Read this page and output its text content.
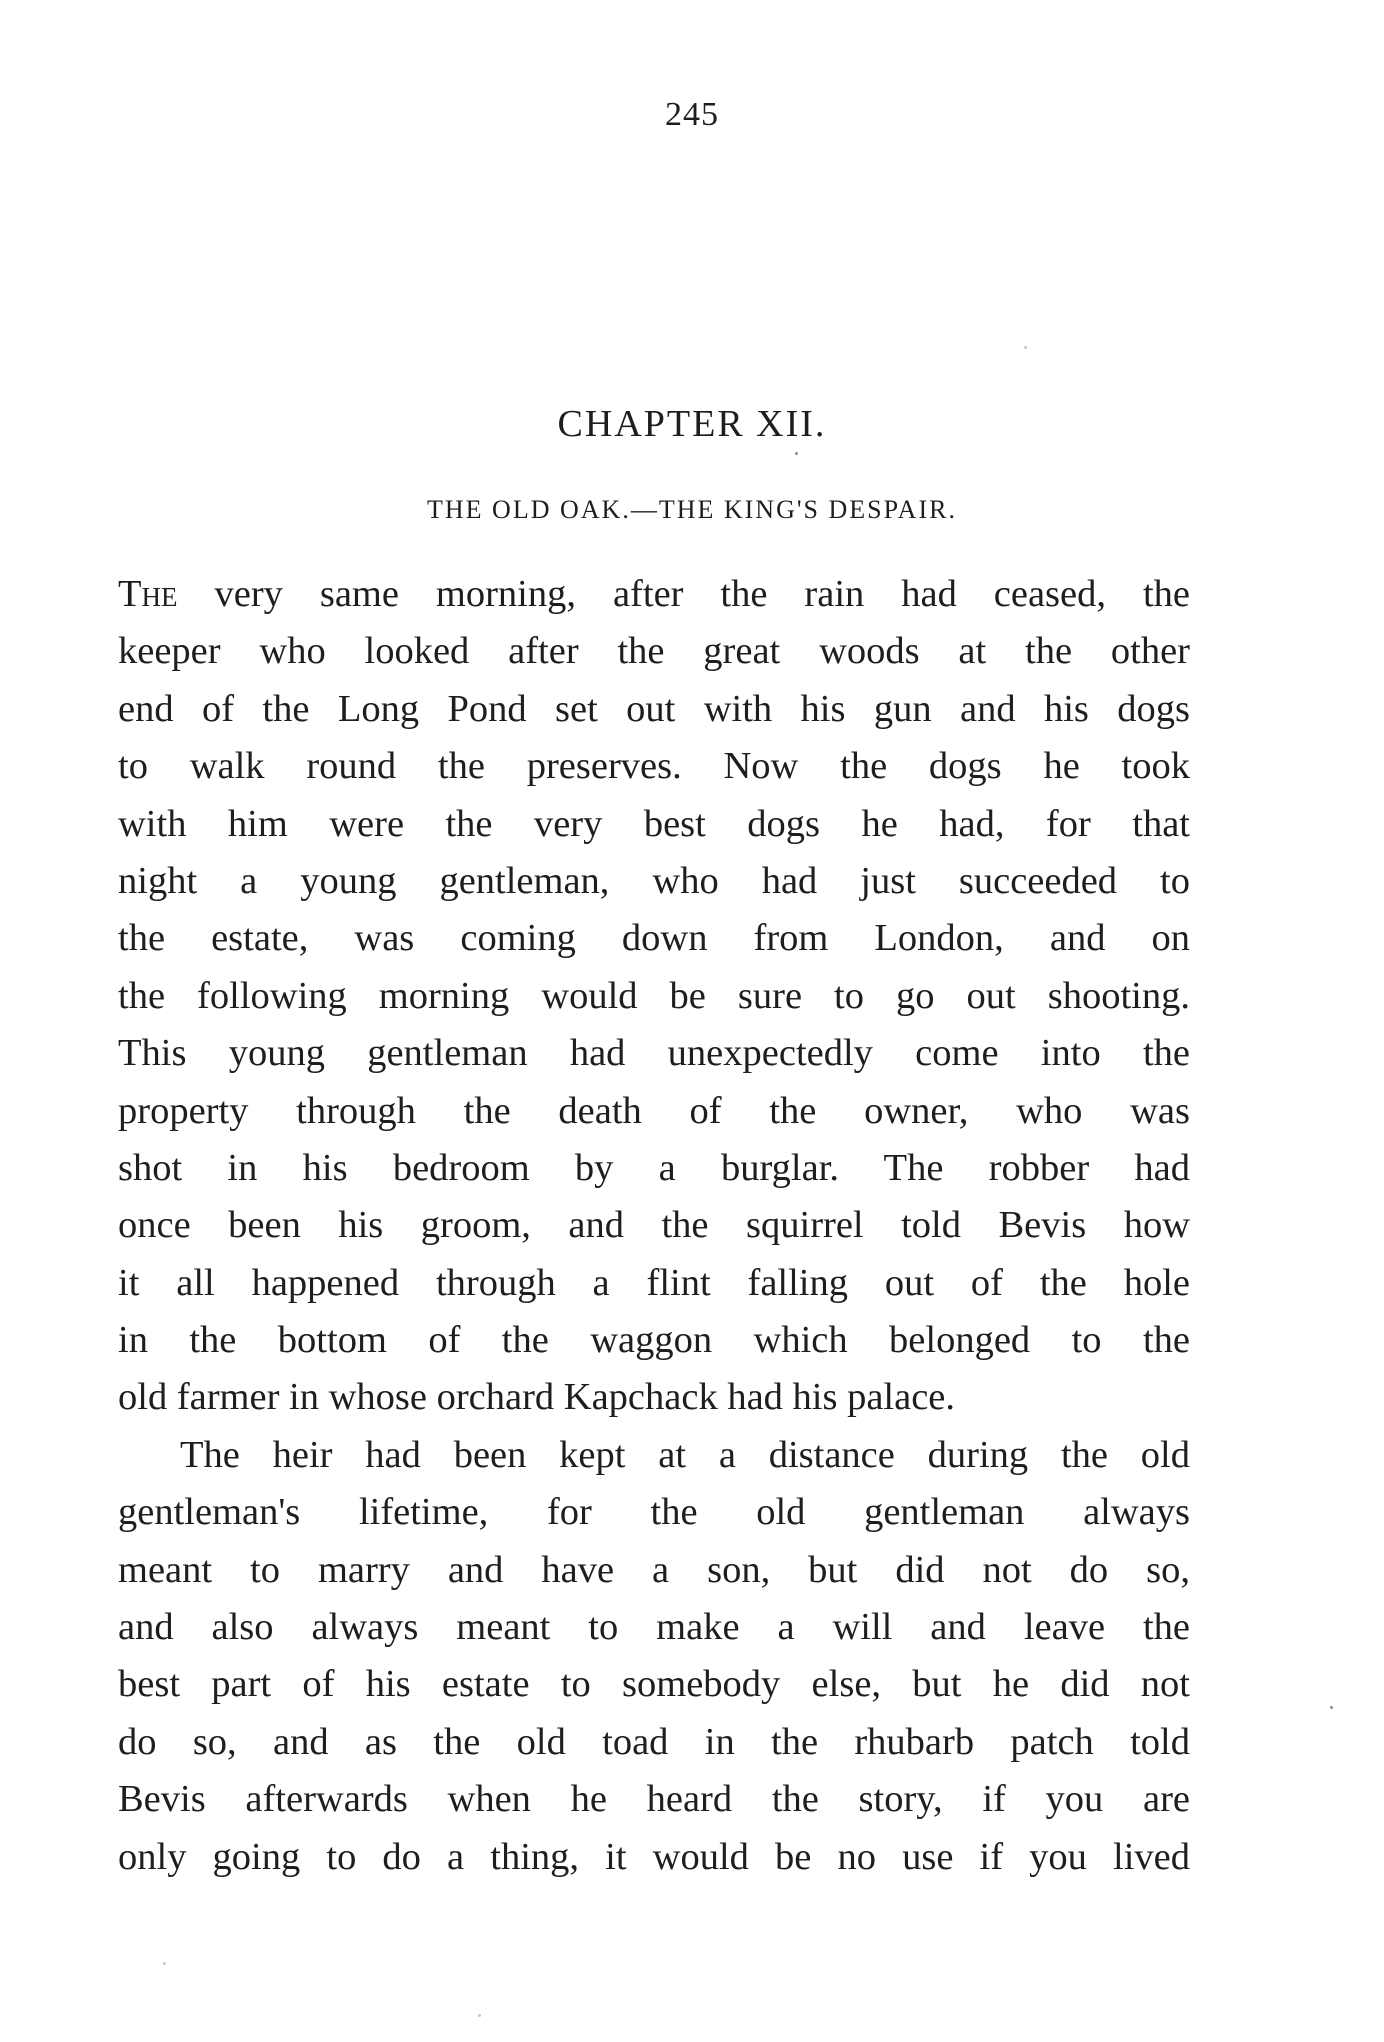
245
CHAPTER XII.
THE OLD OAK.—THE KING'S DESPAIR.
The very same morning, after the rain had ceased, the
keeper who looked after the great woods at the other
end of the Long Pond set out with his gun and his dogs
to walk round the preserves. Now the dogs he took
with him were the very best dogs he had, for that
night a young gentleman, who had just succeeded to
the estate, was coming down from London, and on
the following morning would be sure to go out shooting.
This young gentleman had unexpectedly come into the
property through the death of the owner, who was
shot in his bedroom by a burglar. The robber had
once been his groom, and the squirrel told Bevis how
it all happened through a flint falling out of the hole
in the bottom of the waggon which belonged to the
old farmer in whose orchard Kapchack had his palace.
The heir had been kept at a distance during the old
gentleman's lifetime, for the old gentleman always
meant to marry and have a son, but did not do so,
and also always meant to make a will and leave the
best part of his estate to somebody else, but he did not
do so, and as the old toad in the rhubarb patch told
Bevis afterwards when he heard the story, if you are
only going to do a thing, it would be no use if you lived
